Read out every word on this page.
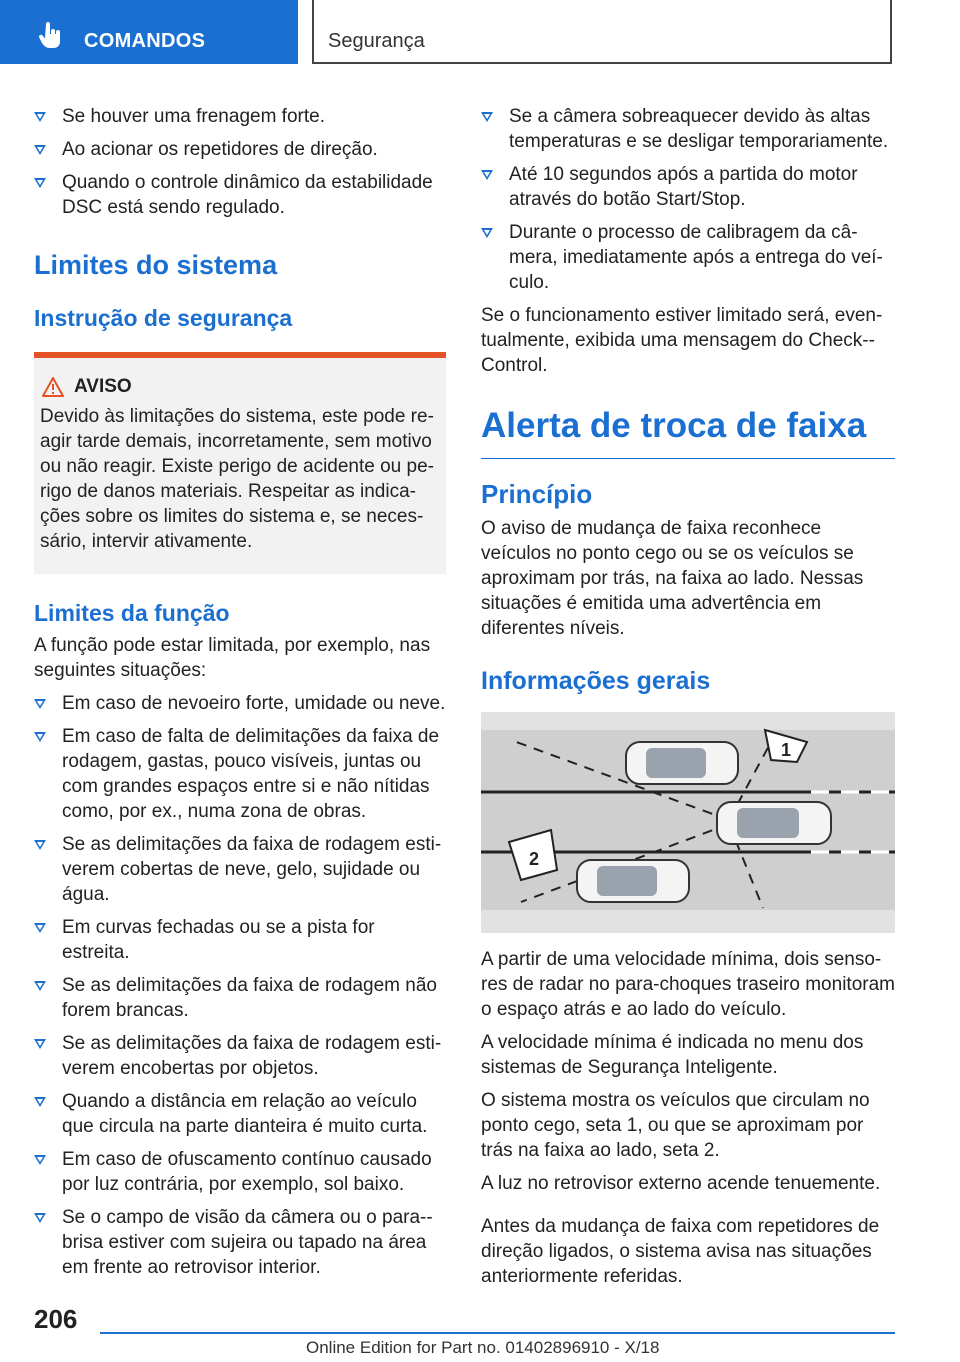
COMANDOS	Segurança
Se houver uma frenagem forte.
Ao acionar os repetidores de direção.
Quando o controle dinâmico da estabilidade DSC está sendo regulado.
Limites do sistema
Instrução de segurança
AVISO
Devido às limitações do sistema, este pode re-agir tarde demais, incorretamente, sem motivo ou não reagir. Existe perigo de acidente ou pe-rigo de danos materiais. Respeitar as indica-ções sobre os limites do sistema e, se neces-sário, intervir ativamente.
Limites da função

A função pode estar limitada, por exemplo, nas seguintes situações:

Em caso de nevoeiro forte, umidade ou neve.
Em caso de falta de delimitações da faixa de rodagem, gastas, pouco visíveis, juntas ou com grandes espaços entre si e não nítidas como, por ex., numa zona de obras.
Se as delimitações da faixa de rodagem esti-verem cobertas de neve, gelo, sujidade ou água.
Em curvas fechadas ou se a pista for estreita.
Se as delimitações da faixa de rodagem não forem brancas.
Se as delimitações da faixa de rodagem esti-verem encobertas por objetos.
Quando a distância em relação ao veículo que circula na parte dianteira é muito curta.
Em caso de ofuscamento contínuo causado por luz contrária, por exemplo, sol baixo.
Se o campo de visão da câmera ou o para--brisa estiver com sujeira ou tapado na área em frente ao retrovisor interior.
Se a câmera sobreaquecer devido às altas temperaturas e se desligar temporariamente.
Até 10 segundos após a partida do motor através do botão Start/Stop.
Durante o processo de calibragem da câ-mera, imediatamente após a entrega do veí-culo.

Se o funcionamento estiver limitado será, even-tualmente, exibida uma mensagem do Check--Control.

Alerta de troca de faixa
Princípio

O aviso de mudança de faixa reconhece veículos no ponto cego ou se os veículos se aproximam por trás, na faixa ao lado. Nessas situações é emitida uma advertência em diferentes níveis.

Informações gerais
1
2

A partir de uma velocidade mínima, dois senso-res de radar no para-choques traseiro monitoram o espaço atrás e ao lado do veículo.

A velocidade mínima é indicada no menu dos sistemas de Segurança Inteligente.

O sistema mostra os veículos que circulam no ponto cego, seta 1, ou que se aproximam por trás na faixa ao lado, seta 2.

A luz no retrovisor externo acende tenuemente.

Antes da mudança de faixa com repetidores de direção ligados, o sistema avisa nas situações anteriormente referidas.

206
Online Edition for Part no. 01402896910 - X/18
